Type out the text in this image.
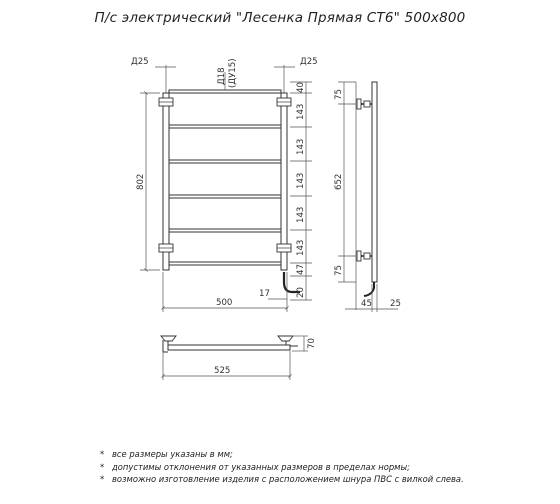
П/с электрический "Лесенка Прямая СТ6" 500х800
Д25	Д25
Д18 (ДУ15)
802
40
143
143
143
143
143
47
20
500
17
75
652
75
45 25
70
525
* все размеры указаны в мм;
* допустимы отклонения от указанных размеров в пределах нормы;
* возможно изготовление изделия с расположением шнура ПВС с вилкой слева.
